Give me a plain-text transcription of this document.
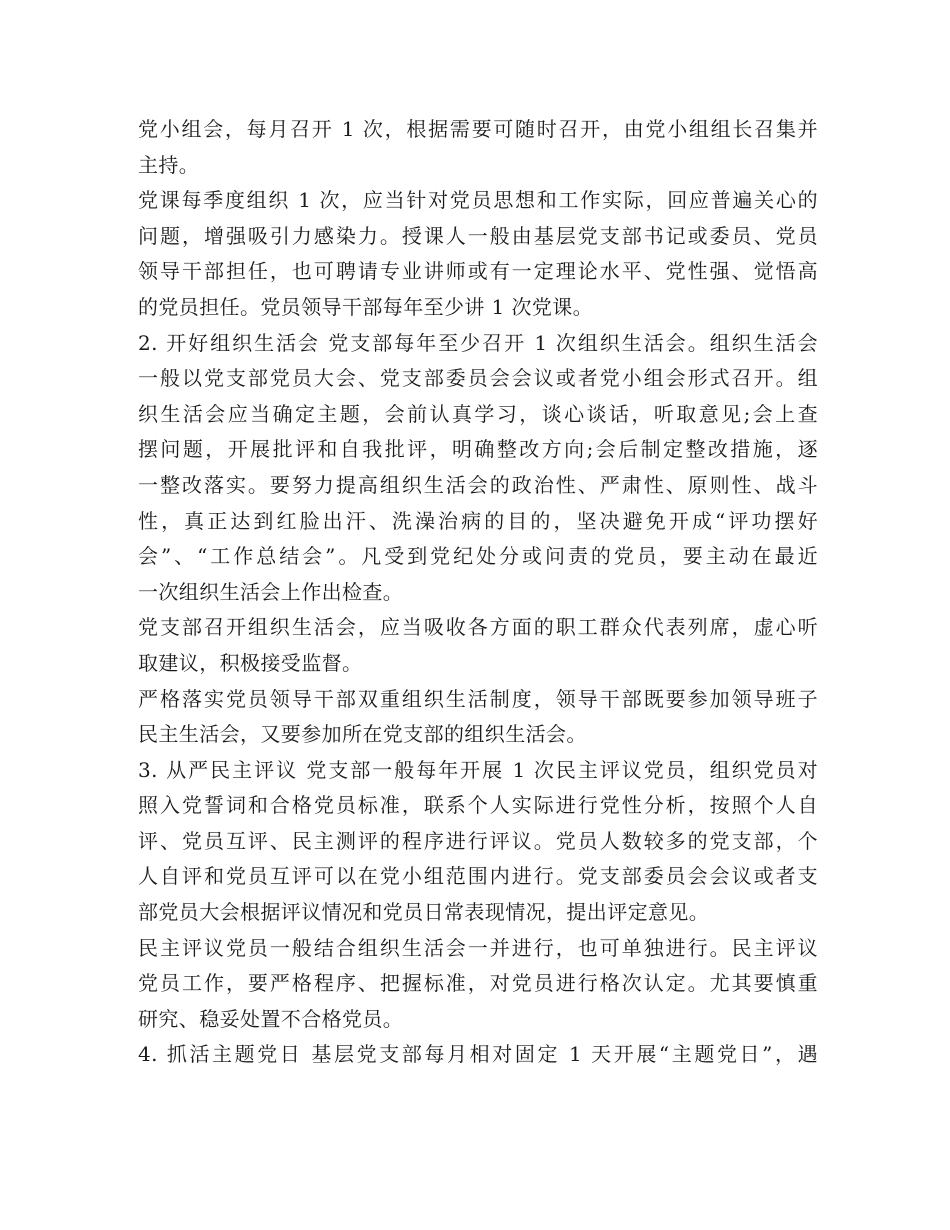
党小组会，每月召开 1 次，根据需要可随时召开，由党小组组长召集并
主持。
党课每季度组织 1 次，应当针对党员思想和工作实际，回应普遍关心的
问题，增强吸引力感染力。授课人一般由基层党支部书记或委员、党员
领导干部担任，也可聘请专业讲师或有一定理论水平、党性强、觉悟高
的党员担任。党员领导干部每年至少讲 1 次党课。
2. 开好组织生活会 党支部每年至少召开 1 次组织生活会。组织生活会
一般以党支部党员大会、党支部委员会会议或者党小组会形式召开。组
织生活会应当确定主题，会前认真学习，谈心谈话，听取意见;会上查
摆问题，开展批评和自我批评，明确整改方向;会后制定整改措施，逐
一整改落实。要努力提高组织生活会的政治性、严肃性、原则性、战斗
性，真正达到红脸出汗、洗澡治病的目的，坚决避免开成“评功摆好
会”、“工作总结会”。凡受到党纪处分或问责的党员，要主动在最近
一次组织生活会上作出检查。
党支部召开组织生活会，应当吸收各方面的职工群众代表列席，虚心听
取建议，积极接受监督。
严格落实党员领导干部双重组织生活制度，领导干部既要参加领导班子
民主生活会，又要参加所在党支部的组织生活会。
3. 从严民主评议 党支部一般每年开展 1 次民主评议党员，组织党员对
照入党誓词和合格党员标准，联系个人实际进行党性分析，按照个人自
评、党员互评、民主测评的程序进行评议。党员人数较多的党支部，个
人自评和党员互评可以在党小组范围内进行。党支部委员会会议或者支
部党员大会根据评议情况和党员日常表现情况，提出评定意见。
民主评议党员一般结合组织生活会一并进行，也可单独进行。民主评议
党员工作，要严格程序、把握标准，对党员进行格次认定。尤其要慎重
研究、稳妥处置不合格党员。
4. 抓活主题党日 基层党支部每月相对固定 1 天开展“主题党日”，遇
